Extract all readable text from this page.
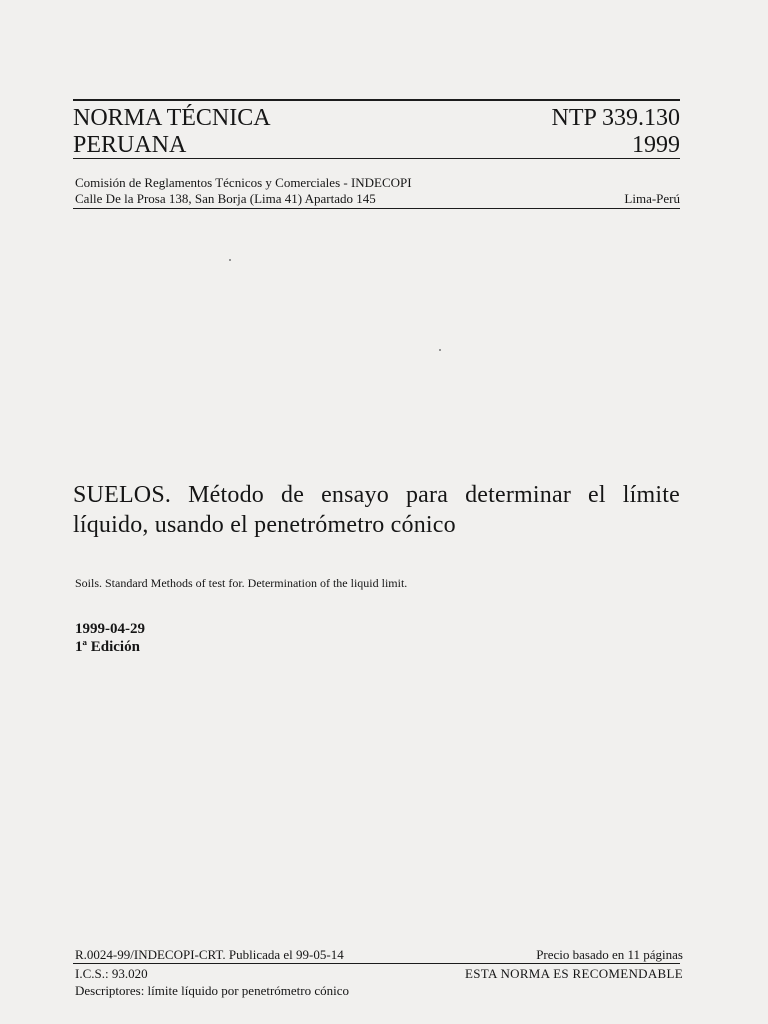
NORMA TÉCNICA
PERUANA
NTP 339.130
1999
Comisión de Reglamentos Técnicos y Comerciales - INDECOPI
Calle De la Prosa 138, San Borja (Lima 41) Apartado 145	Lima-Perú
SUELOS. Método de ensayo para determinar el límite
líquido, usando el penetrómetro cónico
Soils. Standard Methods of test for. Determination of the liquid limit.
1999-04-29
1ª Edición
R.0024-99/INDECOPI-CRT. Publicada el 99-05-14	Precio basado en 11 páginas
I.C.S.: 93.020	ESTA NORMA ES RECOMENDABLE
Descriptores: límite líquido por penetrómetro cónico
